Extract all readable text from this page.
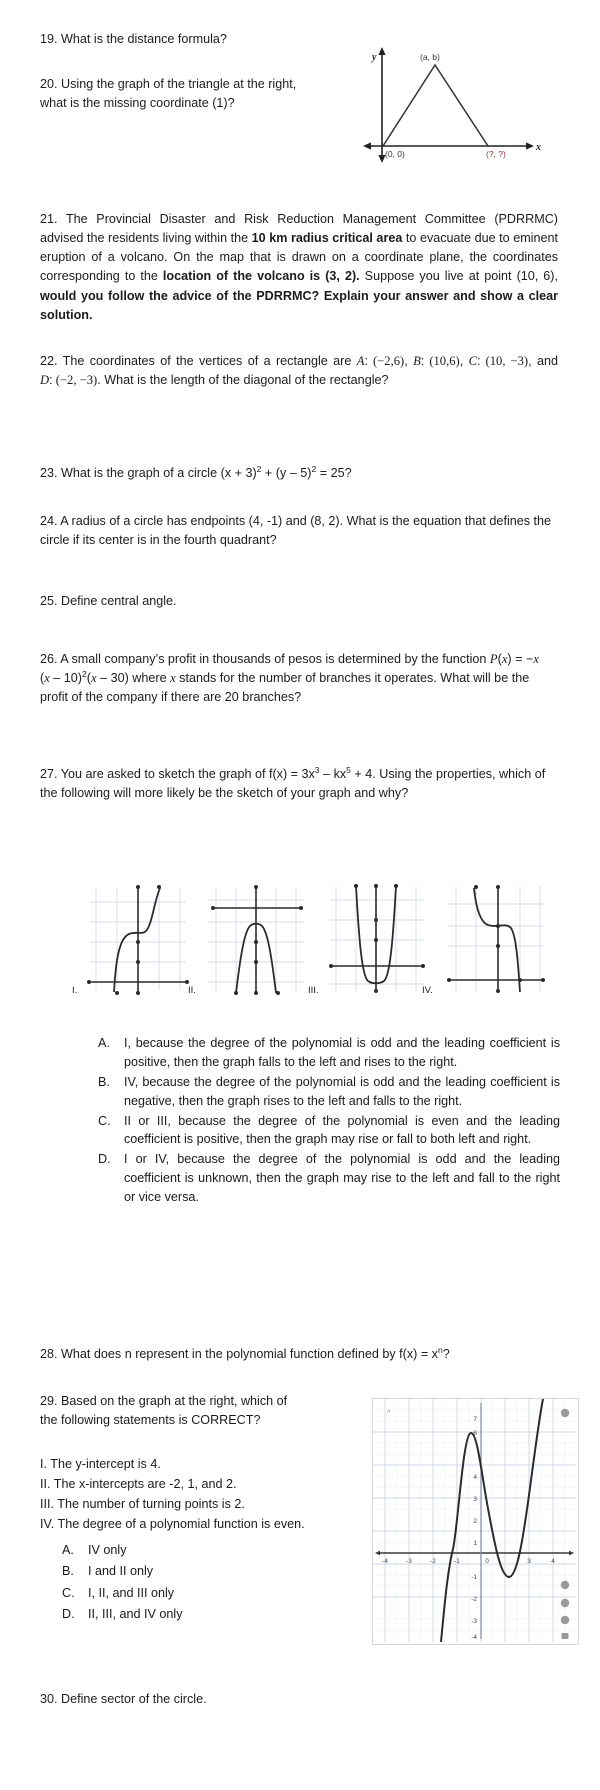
19. What is the distance formula?
20. Using the graph of the triangle at the right,
what is the missing coordinate (1)?
y
x
(a, b)
(0, 0)	(?, ?)
21. The Provincial Disaster and Risk Reduction Management Committee (PDRRMC) advised the residents living within the 10 km radius critical area to evacuate due to eminent eruption of a volcano. On the map that is drawn on a coordinate plane, the coordinates corresponding to the location of the volcano is (3, 2). Suppose you live at point (10, 6), would you follow the advice of the PDRRMC? Explain your answer and show a clear solution.
22. The coordinates of the vertices of a rectangle are A: (−2,6), B: (10,6), C: (10, −3), and D: (−2, −3). What is the length of the diagonal of the rectangle?
23. What is the graph of a circle $(x + 3)^2 + (y - 5)^2 = 25$?
24. A radius of a circle has endpoints (4, -1) and (8, 2). What is the equation that defines the circle if its center is in the fourth quadrant?
25. Define central angle.
26. A small company’s profit in thousands of pesos is determined by the function P(x) = −x (x – 10)$^2$(x – 30) where x stands for the number of branches it operates. What will be the profit of the company if there are 20 branches?
27. You are asked to sketch the graph of $f(x) = 3x^3 - kx^5 + 4$. Using the properties, which of the following will more likely be the sketch of your graph and why?
I.	II.	III.	IV.
A.	I, because the degree of the polynomial is odd and the leading coefficient is positive, then the graph falls to the left and rises to the right.
B.	IV, because the degree of the polynomial is odd and the leading coefficient is negative, then the graph rises to the left and falls to the right.
C.	II or III, because the degree of the polynomial is even and the leading coefficient is positive, then the graph may rise or fall to both left and right.
D.	I or IV, because the degree of the polynomial is odd and the leading coefficient is unknown, then the graph may rise to the left and fall to the right or vice versa.
28. What does n represent in the polynomial function defined by $f(x) = x^n$?
29. Based on the graph at the right, which of
the following statements is CORRECT?
I. The y-intercept is 4.
II. The x-intercepts are -2, 1, and 2.
III. The number of turning points is 2.
IV. The degree of a polynomial function is even.
A.	IV only
B.	I and II only
C.	I, II, and III only
D.	II, III, and IV only
-4	-3	-2	-1	0	3	4
7
6
4
3
2
1
-1
-2
-3
-4
^
30. Define sector of the circle.
